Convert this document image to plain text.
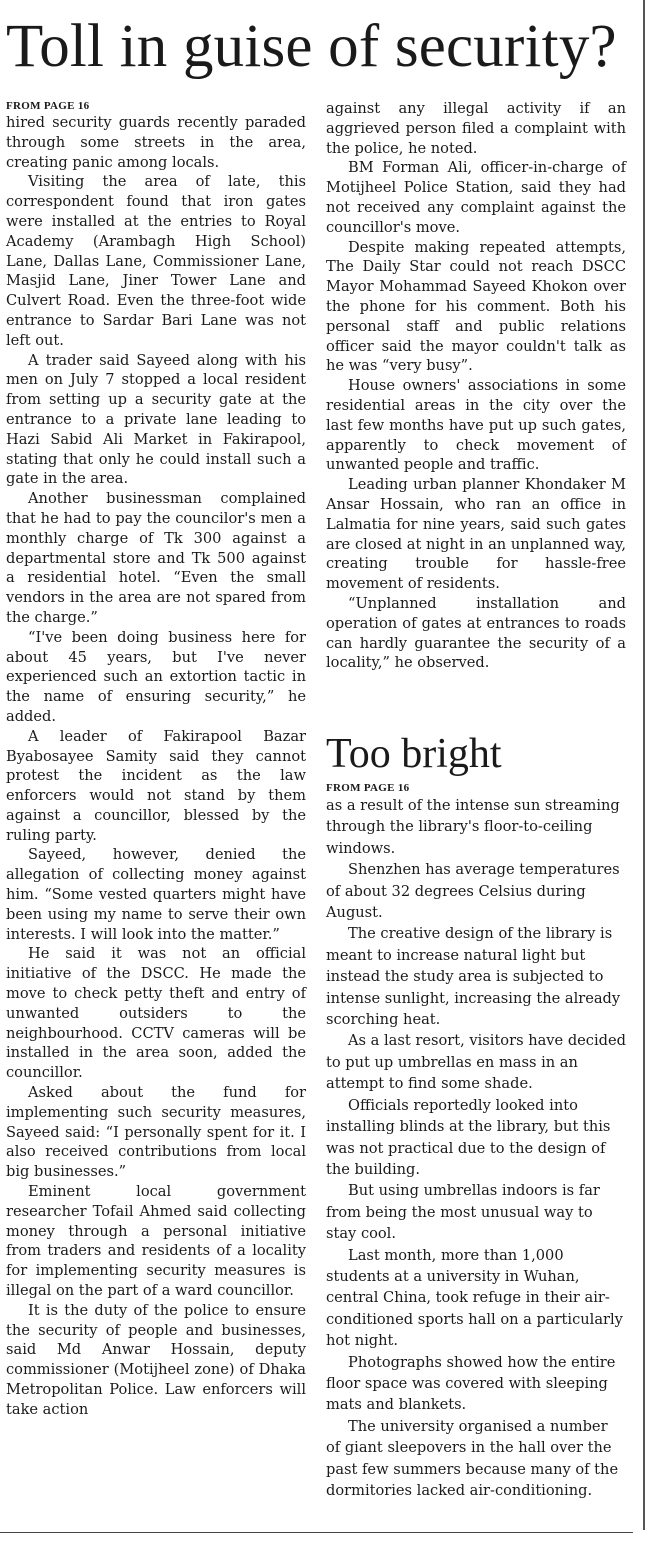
Toll in guise of security?
FROM PAGE 16

hired security guards recently paraded through some streets in the area, creating panic among locals.

Visiting the area of late, this correspondent found that iron gates were installed at the entries to Royal Academy (Arambagh High School) Lane, Dallas Lane, Commissioner Lane, Masjid Lane, Jiner Tower Lane and Culvert Road. Even the three-foot wide entrance to Sardar Bari Lane was not left out.

A trader said Sayeed along with his men on July 7 stopped a local resident from setting up a security gate at the entrance to a private lane leading to Hazi Sabid Ali Market in Fakirapool, stating that only he could install such a gate in the area.

Another businessman complained that he had to pay the councilor's men a monthly charge of Tk 300 against a departmental store and Tk 500 against a residential hotel. “Even the small vendors in the area are not spared from the charge.”

“I've been doing business here for about 45 years, but I've never experienced such an extortion tactic in the name of ensuring security,” he added.

A leader of Fakirapool Bazar Byabosayee Samity said they cannot protest the incident as the law enforcers would not stand by them against a councillor, blessed by the ruling party.

Sayeed, however, denied the allegation of collecting money against him. “Some vested quarters might have been using my name to serve their own interests. I will look into the matter.”

He said it was not an official initiative of the DSCC. He made the move to check petty theft and entry of unwanted outsiders to the neighbourhood. CCTV cameras will be installed in the area soon, added the councillor.

Asked about the fund for implementing such security measures, Sayeed said: “I personally spent for it. I also received contributions from local big businesses.”

Eminent local government researcher Tofail Ahmed said collecting money through a personal initiative from traders and residents of a locality for implementing security measures is illegal on the part of a ward councillor.

It is the duty of the police to ensure the security of people and businesses, said Md Anwar Hossain, deputy commissioner (Motijheel zone) of Dhaka Metropolitan Police. Law enforcers will take action

against any illegal activity if an aggrieved person filed a complaint with the police, he noted.

BM Forman Ali, officer-in-charge of Motijheel Police Station, said they had not received any complaint against the councillor's move.

Despite making repeated attempts, The Daily Star could not reach DSCC Mayor Mohammad Sayeed Khokon over the phone for his comment. Both his personal staff and public relations officer said the mayor couldn't talk as he was “very busy”.

House owners' associations in some residential areas in the city over the last few months have put up such gates, apparently to check movement of unwanted people and traffic.

Leading urban planner Khondaker M Ansar Hossain, who ran an office in Lalmatia for nine years, said such gates are closed at night in an unplanned way, creating trouble for hassle-free movement of residents.

“Unplanned installation and operation of gates at entrances to roads can hardly guarantee the security of a locality,” he observed.

Too bright
FROM PAGE 16

as a result of the intense sun streaming through the library's floor-to-ceiling windows.

Shenzhen has average temperatures of about 32 degrees Celsius during August.

The creative design of the library is meant to increase natural light but instead the study area is subjected to intense sunlight, increasing the already scorching heat.

As a last resort, visitors have decided to put up umbrellas en mass in an attempt to find some shade.

Officials reportedly looked into installing blinds at the library, but this was not practical due to the design of the building.

But using umbrellas indoors is far from being the most unusual way to stay cool.

Last month, more than 1,000 students at a university in Wuhan, central China, took refuge in their air-conditioned sports hall on a particularly hot night.

Photographs showed how the entire floor space was covered with sleeping mats and blankets.

The university organised a number of giant sleepovers in the hall over the past few summers because many of the dormitories lacked air-conditioning.
